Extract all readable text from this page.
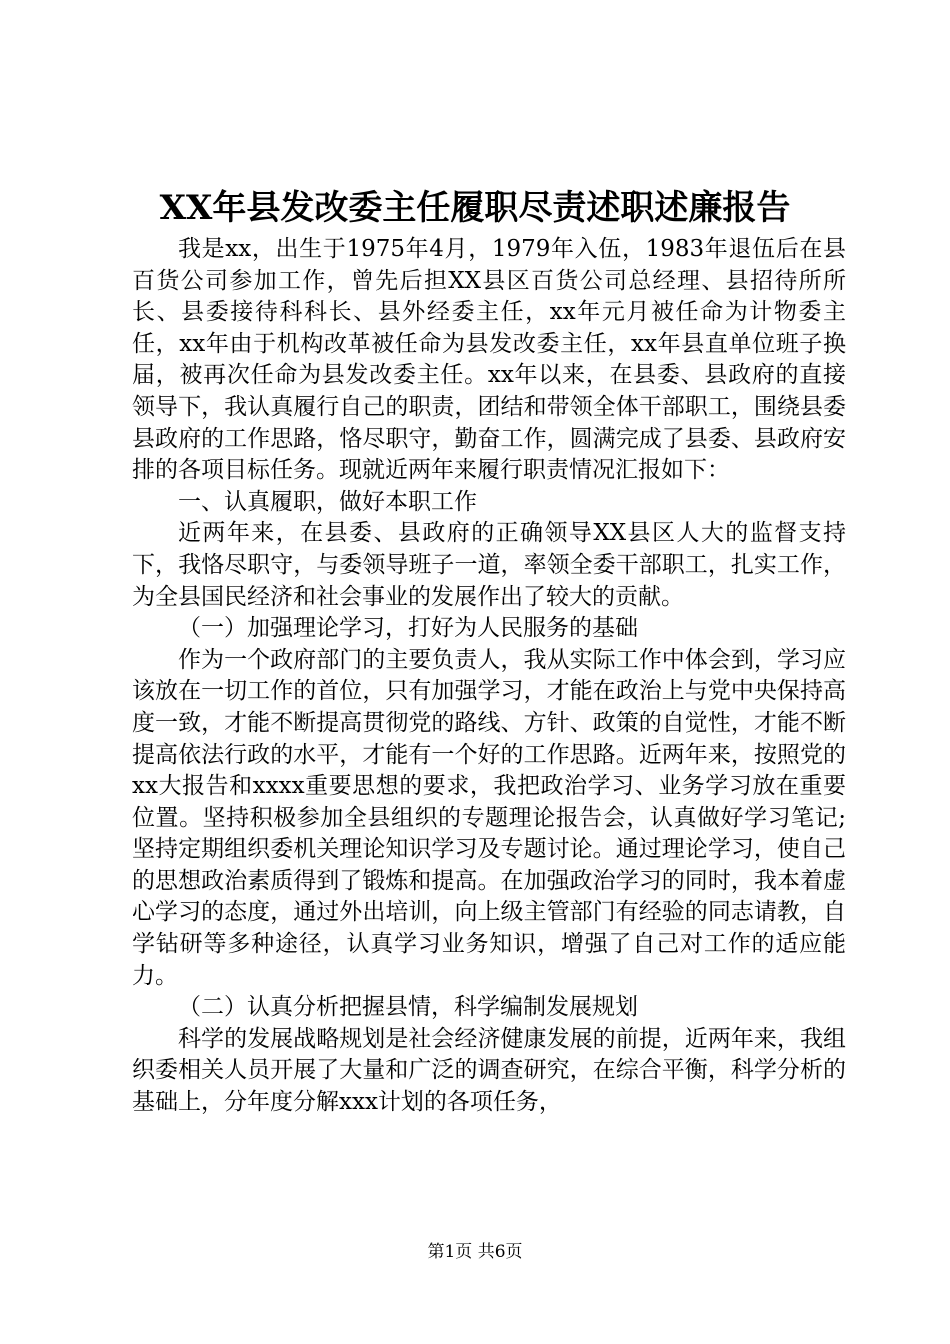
XX年县发改委主任履职尽责述职述廉报告

我是xx，出生于1975年4月，1979年入伍，1983年退伍后在县百货公司参加工作，曾先后担XX县区百货公司总经理、县招待所所长、县委接待科科长、县外经委主任，xx年元月被任命为计物委主任，xx年由于机构改革被任命为县发改委主任，xx年县直单位班子换届，被再次任命为县发改委主任。xx年以来，在县委、县政府的直接领导下，我认真履行自己的职责，团结和带领全体干部职工，围绕县委县政府的工作思路，恪尽职守，勤奋工作，圆满完成了县委、县政府安排的各项目标任务。现就近两年来履行职责情况汇报如下：

一、认真履职，做好本职工作

近两年来，在县委、县政府的正确领导XX县区人大的监督支持下，我恪尽职守，与委领导班子一道，率领全委干部职工，扎实工作，为全县国民经济和社会事业的发展作出了较大的贡献。

（一）加强理论学习，打好为人民服务的基础

作为一个政府部门的主要负责人，我从实际工作中体会到，学习应该放在一切工作的首位，只有加强学习，才能在政治上与党中央保持高度一致，才能不断提高贯彻党的路线、方针、政策的自觉性，才能不断提高依法行政的水平，才能有一个好的工作思路。近两年来，按照党的xx大报告和xxxx重要思想的要求，我把政治学习、业务学习放在重要位置。坚持积极参加全县组织的专题理论报告会，认真做好学习笔记;坚持定期组织委机关理论知识学习及专题讨论。通过理论学习，使自己的思想政治素质得到了锻炼和提高。在加强政治学习的同时，我本着虚心学习的态度，通过外出培训，向上级主管部门有经验的同志请教，自学钻研等多种途径，认真学习业务知识，增强了自己对工作的适应能力。

（二）认真分析把握县情，科学编制发展规划

科学的发展战略规划是社会经济健康发展的前提，近两年来，我组织委相关人员开展了大量和广泛的调查研究，在综合平衡，科学分析的基础上，分年度分解xxx计划的各项任务，

第1页 共6页
